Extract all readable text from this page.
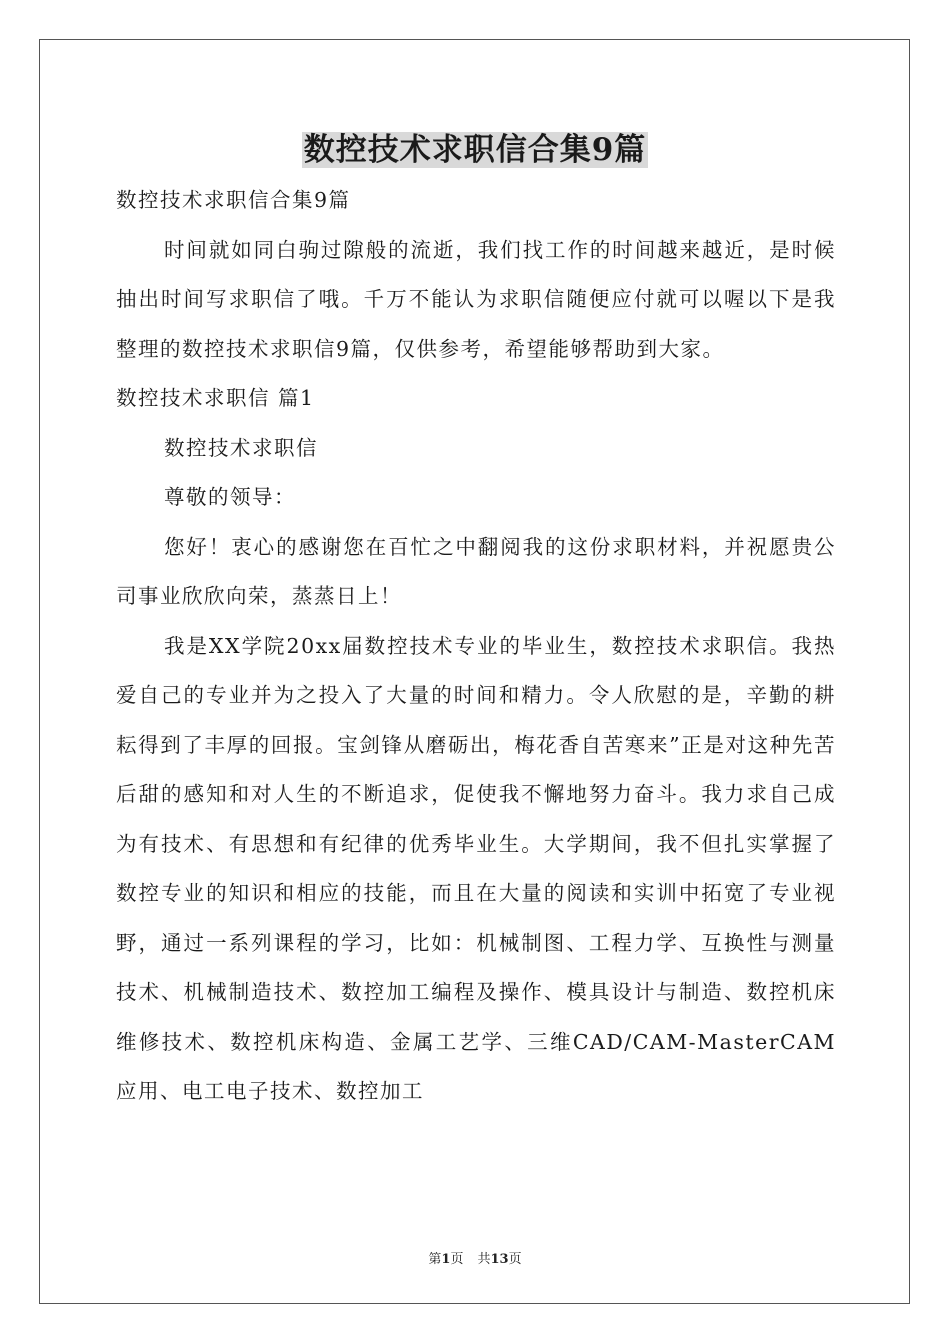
数控技术求职信合集9篇

数控技术求职信合集9篇

时间就如同白驹过隙般的流逝，我们找工作的时间越来越近，是时候抽出时间写求职信了哦。千万不能认为求职信随便应付就可以喔以下是我整理的数控技术求职信9篇，仅供参考，希望能够帮助到大家。

数控技术求职信 篇1

数控技术求职信

尊敬的领导：

您好！衷心的感谢您在百忙之中翻阅我的这份求职材料，并祝愿贵公司事业欣欣向荣，蒸蒸日上！

我是XX学院20xx届数控技术专业的毕业生，数控技术求职信。我热爱自己的专业并为之投入了大量的时间和精力。令人欣慰的是，辛勤的耕耘得到了丰厚的回报。宝剑锋从磨砺出，梅花香自苦寒来”正是对这种先苦后甜的感知和对人生的不断追求，促使我不懈地努力奋斗。我力求自己成为有技术、有思想和有纪律的优秀毕业生。大学期间，我不但扎实掌握了数控专业的知识和相应的技能，而且在大量的阅读和实训中拓宽了专业视野，通过一系列课程的学习，比如：机械制图、工程力学、互换性与测量技术、机械制造技术、数控加工编程及操作、模具设计与制造、数控机床维修技术、数控机床构造、金属工艺学、三维CAD/CAM-MasterCAM应用、电工电子技术、数控加工

第1页 共13页
